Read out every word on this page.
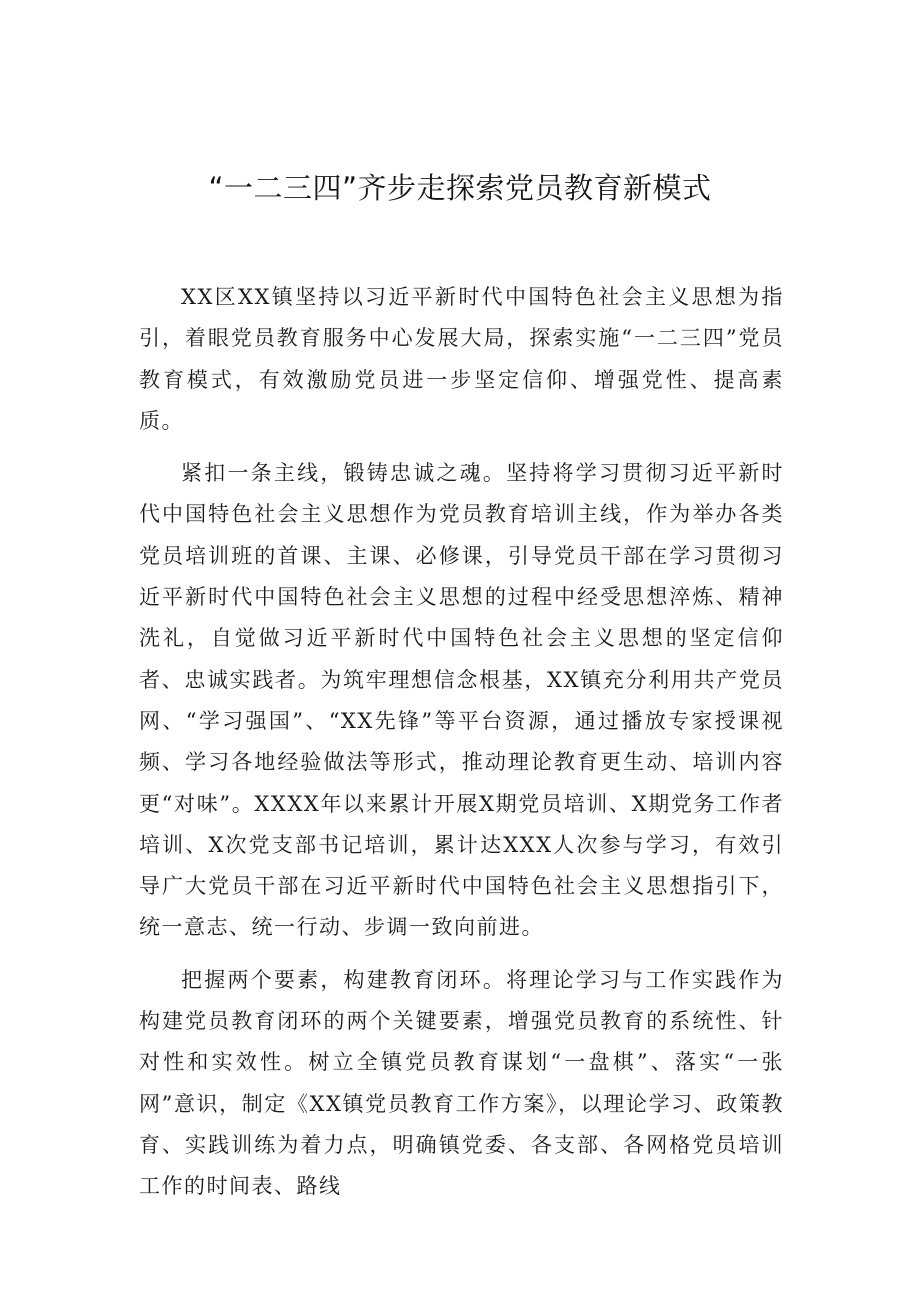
“一二三四”齐步走探索党员教育新模式

XX区XX镇坚持以习近平新时代中国特色社会主义思想为指引，着眼党员教育服务中心发展大局，探索实施“一二三四”党员教育模式，有效激励党员进一步坚定信仰、增强党性、提高素质。

紧扣一条主线，锻铸忠诚之魂。坚持将学习贯彻习近平新时代中国特色社会主义思想作为党员教育培训主线，作为举办各类党员培训班的首课、主课、必修课，引导党员干部在学习贯彻习近平新时代中国特色社会主义思想的过程中经受思想淬炼、精神洗礼，自觉做习近平新时代中国特色社会主义思想的坚定信仰者、忠诚实践者。为筑牢理想信念根基，XX镇充分利用共产党员网、“学习强国”、“XX先锋”等平台资源，通过播放专家授课视频、学习各地经验做法等形式，推动理论教育更生动、培训内容更“对味”。XXXX年以来累计开展X期党员培训、X期党务工作者培训、X次党支部书记培训，累计达XXX人次参与学习，有效引导广大党员干部在习近平新时代中国特色社会主义思想指引下，统一意志、统一行动、步调一致向前进。

把握两个要素，构建教育闭环。将理论学习与工作实践作为构建党员教育闭环的两个关键要素，增强党员教育的系统性、针对性和实效性。树立全镇党员教育谋划“一盘棋”、落实“一张网”意识，制定《XX镇党员教育工作方案》，以理论学习、政策教育、实践训练为着力点，明确镇党委、各支部、各网格党员培训工作的时间表、路线
